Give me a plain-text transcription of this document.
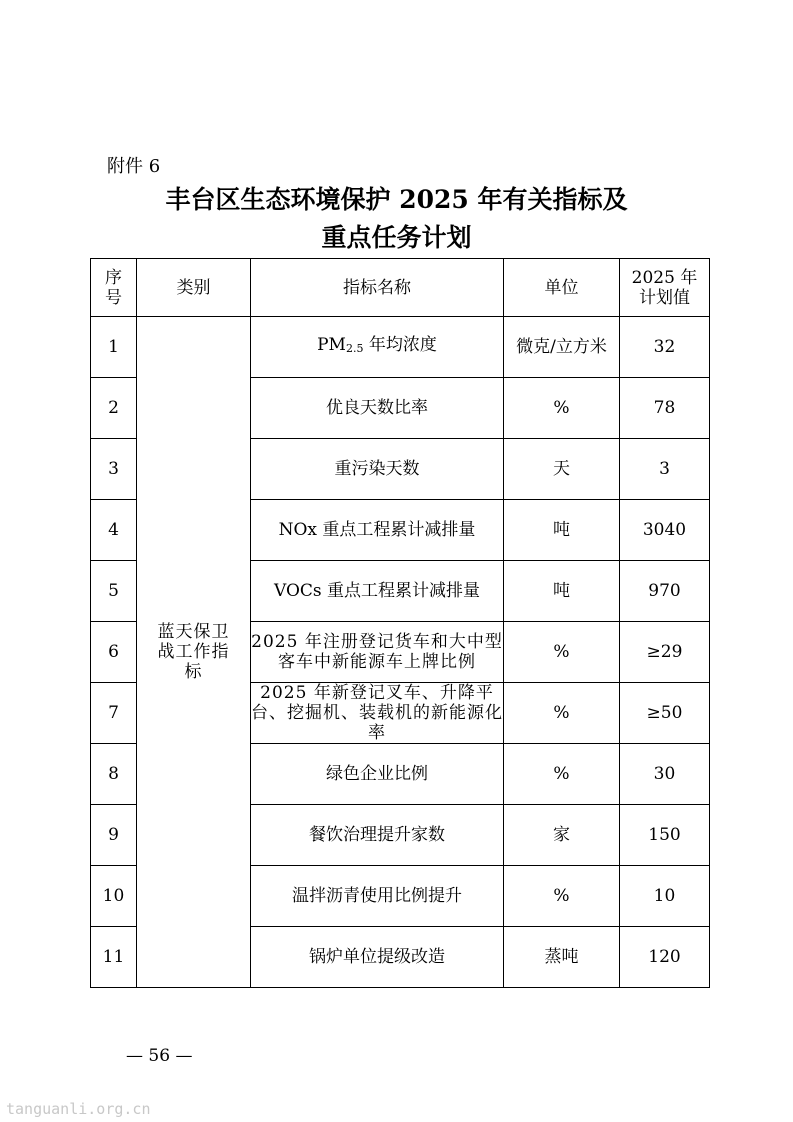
附件 6
丰台区生态环境保护 2025 年有关指标及
重点任务计划
序号	类别	指标名称	单位	2025 年计划值
1	蓝天保卫战工作指标	$PM_{2.5}$ 年均浓度	微克/立方米	32
2		优良天数比率	%	78
3		重污染天数	天	3
4		NOx 重点工程累计减排量	吨	3040
5		VOCs 重点工程累计减排量	吨	970
6		2025 年注册登记货车和大中型客车中新能源车上牌比例	%	≥29
7		2025 年新登记叉车、升降平台、挖掘机、装载机的新能源化率	%	≥50
8		绿色企业比例	%	30
9		餐饮治理提升家数	家	150
10		温拌沥青使用比例提升	%	10
11		锅炉单位提级改造	蒸吨	120
— 56 —
tanguanli.org.cn
